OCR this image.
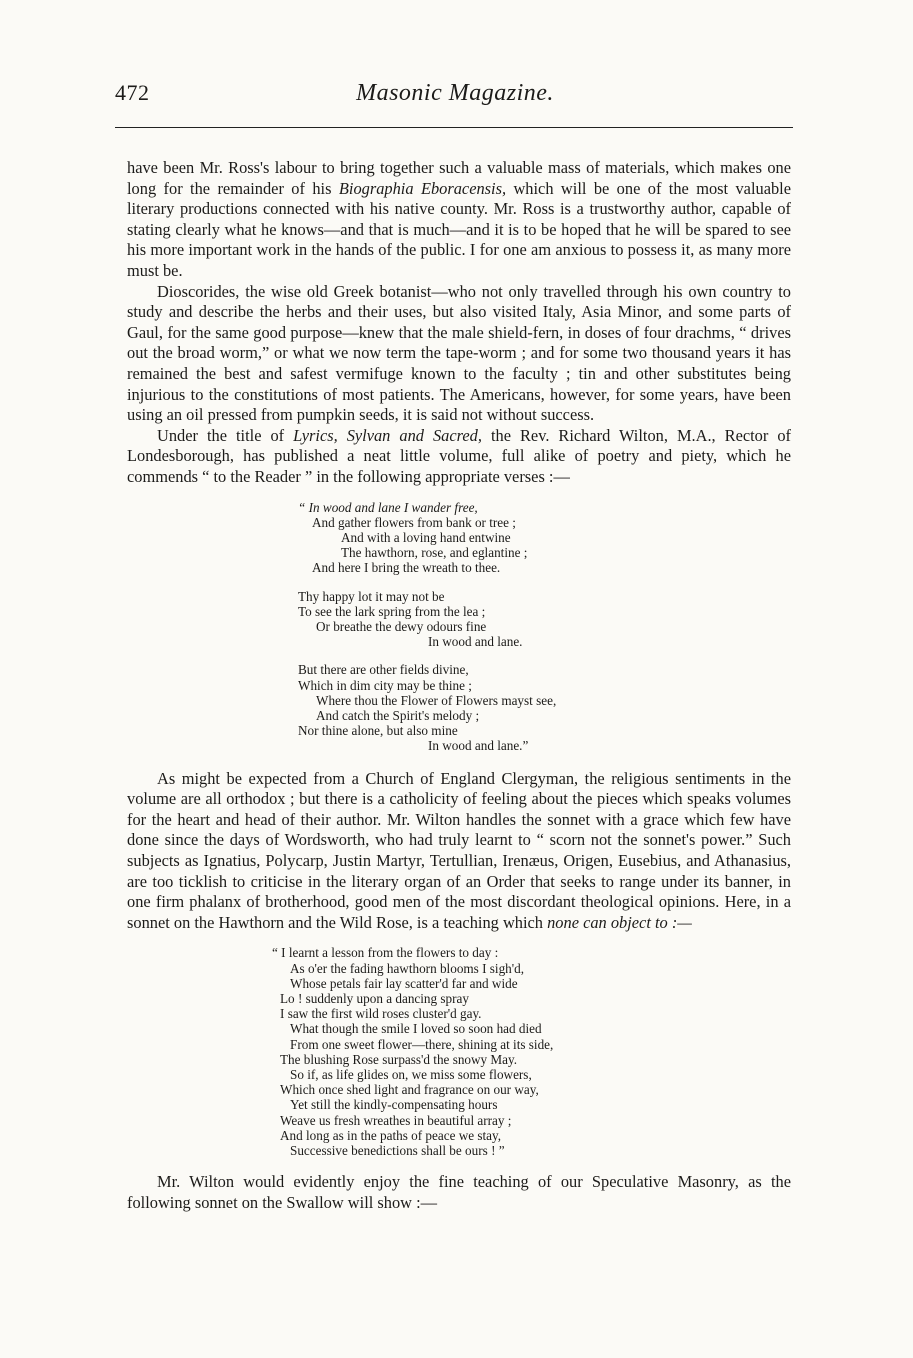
472	Masonic Magazine.

have been Mr. Ross's labour to bring together such a valuable mass of materials, which makes one long for the remainder of his Biographia Eboracensis, which will be one of the most valuable literary productions connected with his native county. Mr. Ross is a trustworthy author, capable of stating clearly what he knows—and that is much—and it is to be hoped that he will be spared to see his more important work in the hands of the public. I for one am anxious to possess it, as many more must be.

Dioscorides, the wise old Greek botanist—who not only travelled through his own country to study and describe the herbs and their uses, but also visited Italy, Asia Minor, and some parts of Gaul, for the same good purpose—knew that the male shield-fern, in doses of four drachms, “ drives out the broad worm,” or what we now term the tape-worm ; and for some two thousand years it has remained the best and safest vermifuge known to the faculty ; tin and other substitutes being injurious to the constitutions of most patients. The Americans, however, for some years, have been using an oil pressed from pumpkin seeds, it is said not without success.

Under the title of Lyrics, Sylvan and Sacred, the Rev. Richard Wilton, M.A., Rector of Londesborough, has published a neat little volume, full alike of poetry and piety, which he commends “ to the Reader ” in the following appropriate verses :—

“ In wood and lane I wander free,
And gather flowers from bank or tree ;
And with a loving hand entwine
The hawthorn, rose, and eglantine ;
And here I bring the wreath to thee.
Thy happy lot it may not be
To see the lark spring from the lea ;
Or breathe the dewy odours fine
In wood and lane.
But there are other fields divine,
Which in dim city may be thine ;
Where thou the Flower of Flowers mayst see,
And catch the Spirit's melody ;
Nor thine alone, but also mine
In wood and lane.”

As might be expected from a Church of England Clergyman, the religious sentiments in the volume are all orthodox ; but there is a catholicity of feeling about the pieces which speaks volumes for the heart and head of their author. Mr. Wilton handles the sonnet with a grace which few have done since the days of Wordsworth, who had truly learnt to “ scorn not the sonnet's power.” Such subjects as Ignatius, Polycarp, Justin Martyr, Tertullian, Irenæus, Origen, Eusebius, and Athanasius, are too ticklish to criticise in the literary organ of an Order that seeks to range under its banner, in one firm phalanx of brotherhood, good men of the most discordant theological opinions. Here, in a sonnet on the Hawthorn and the Wild Rose, is a teaching which none can object to :—

“ I learnt a lesson from the flowers to day :
As o'er the fading hawthorn blooms I sigh'd,
Whose petals fair lay scatter'd far and wide
Lo ! suddenly upon a dancing spray
I saw the first wild roses cluster'd gay.
What though the smile I loved so soon had died
From one sweet flower—there, shining at its side,
The blushing Rose surpass'd the snowy May.
So if, as life glides on, we miss some flowers,
Which once shed light and fragrance on our way,
Yet still the kindly-compensating hours
Weave us fresh wreathes in beautiful array ;
And long as in the paths of peace we stay,
Successive benedictions shall be ours ! ”

Mr. Wilton would evidently enjoy the fine teaching of our Speculative Masonry, as the following sonnet on the Swallow will show :—
